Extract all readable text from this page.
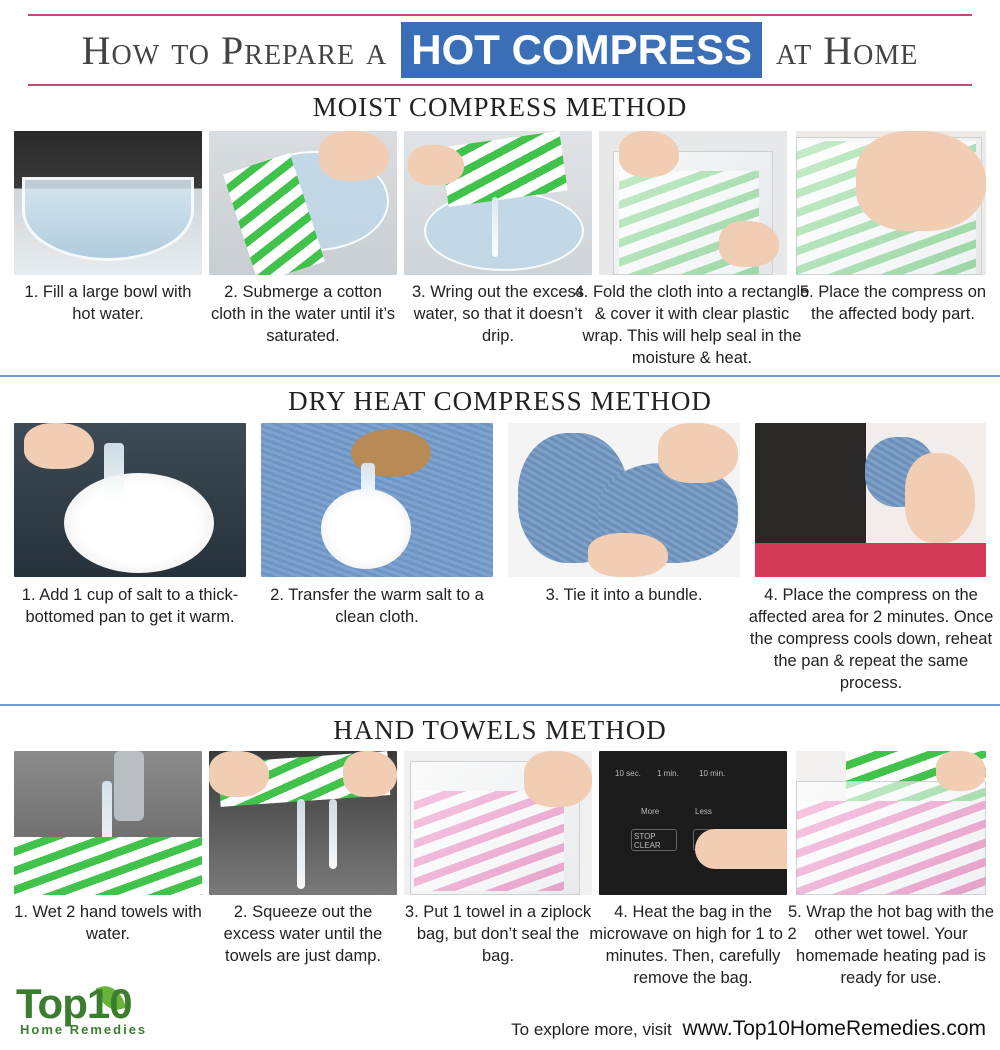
How to Prepare a HOT COMPRESS at Home
MOIST COMPRESS METHOD
1. Fill a large bowl with hot water.
2. Submerge a cotton cloth in the water until it’s saturated.
3. Wring out the excess water, so that it doesn’t drip.
4. Fold the cloth into a rectangle & cover it with clear plastic wrap. This will help seal in the moisture & heat.
5. Place the compress on the affected body part.
DRY HEAT COMPRESS METHOD
1. Add 1 cup of salt to a thick-bottomed pan to get it warm.
2. Transfer the warm salt to a clean cloth.
3. Tie it into a bundle.	4. Place the compress on the affected area for 2 minutes. Once the compress cools down, reheat the pan & repeat the same process.
HAND TOWELS METHOD
1. Wet 2 hand towels with water.
2. Squeeze out the excess water until the towels are just damp.
3. Put 1 towel in a ziplock bag, but don’t seal the bag.
10 sec. 1 min.	10 min.
More	Less
STOP CLEAR
4. Heat the bag in the microwave on high for 1 to 2 minutes. Then, carefully remove the bag.
5. Wrap the hot bag with the other wet towel. Your homemade heating pad is ready for use.
Top10
Home Remedies	To explore more, visit www.Top10HomeRemedies.com
